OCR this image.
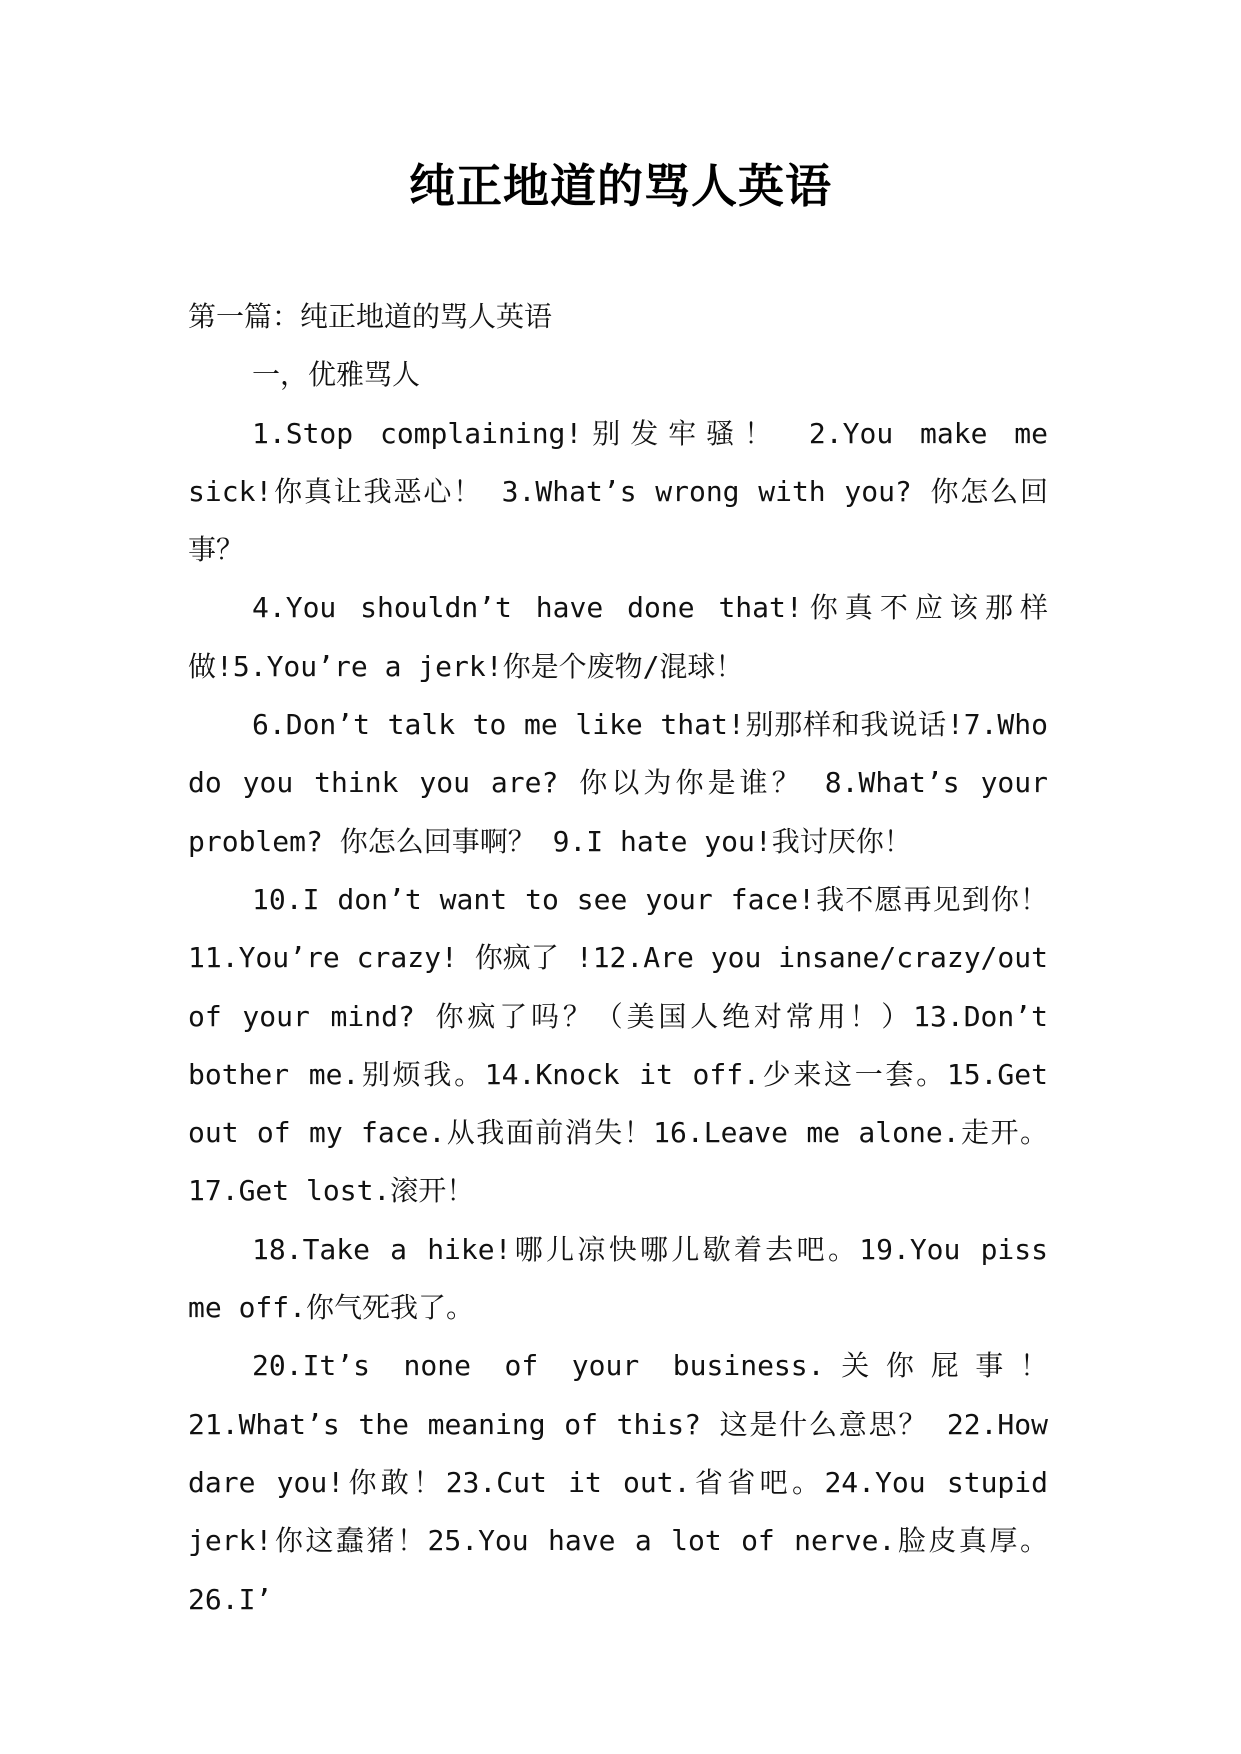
纯正地道的骂人英语

第一篇：纯正地道的骂人英语

一，优雅骂人

1.Stop complaining!别发牢骚！ 2.You make me sick!你真让我恶心！ 3.What’s wrong with you? 你怎么回事？

4.You shouldn’t have done that!你真不应该那样做!5.You’re a jerk!你是个废物/混球！

6.Don’t talk to me like that!别那样和我说话!7.Who do you think you are? 你以为你是谁？ 8.What’s your problem? 你怎么回事啊？ 9.I hate you!我讨厌你！

10.I don’t want to see your face!我不愿再见到你！ 11.You’re crazy! 你疯了 !12.Are you insane/crazy/out of your mind? 你疯了吗？（美国人绝对常用！）13.Don’t bother me.别烦我。14.Knock it off.少来这一套。15.Get out of my face.从我面前消失！16.Leave me alone.走开。17.Get lost.滚开！

18.Take a hike!哪儿凉快哪儿歇着去吧。19.You piss me off.你气死我了。

20.It’s none of your business.关你屁事！21.What’s the meaning of this? 这是什么意思？ 22.How dare you!你敢！23.Cut it out.省省吧。24.You stupid jerk!你这蠢猪！25.You have a lot of nerve.脸皮真厚。26.I’
